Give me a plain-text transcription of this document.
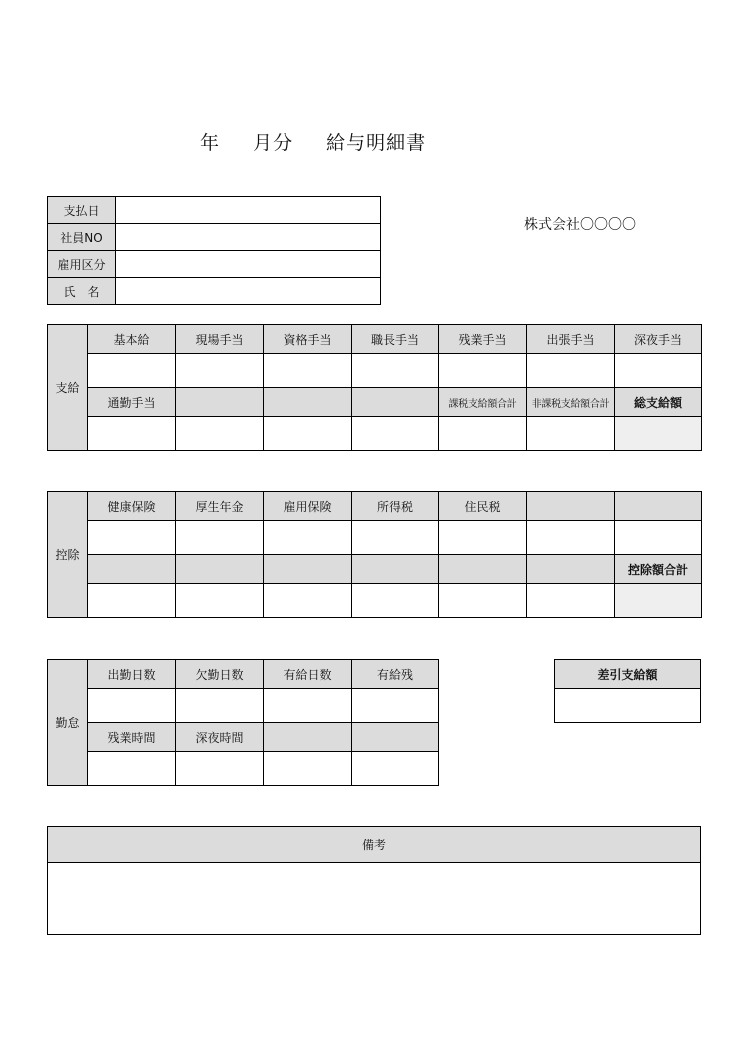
年 月分 給与明細書
株式会社〇〇〇〇
支払日	
社員NO	
雇用区分	
氏　名	
支給	基本給	現場手当	資格手当	職長手当	残業手当	出張手当	深夜手当

	通勤手当				課税支給額合計	非課税支給額合計	総支給額

控除	健康保険	厚生年金	雇用保険	所得税	住民税		

							控除額合計

勤怠	出勤日数	欠勤日数	有給日数	有給残

	残業時間	深夜時間		

差引支給額

備考
